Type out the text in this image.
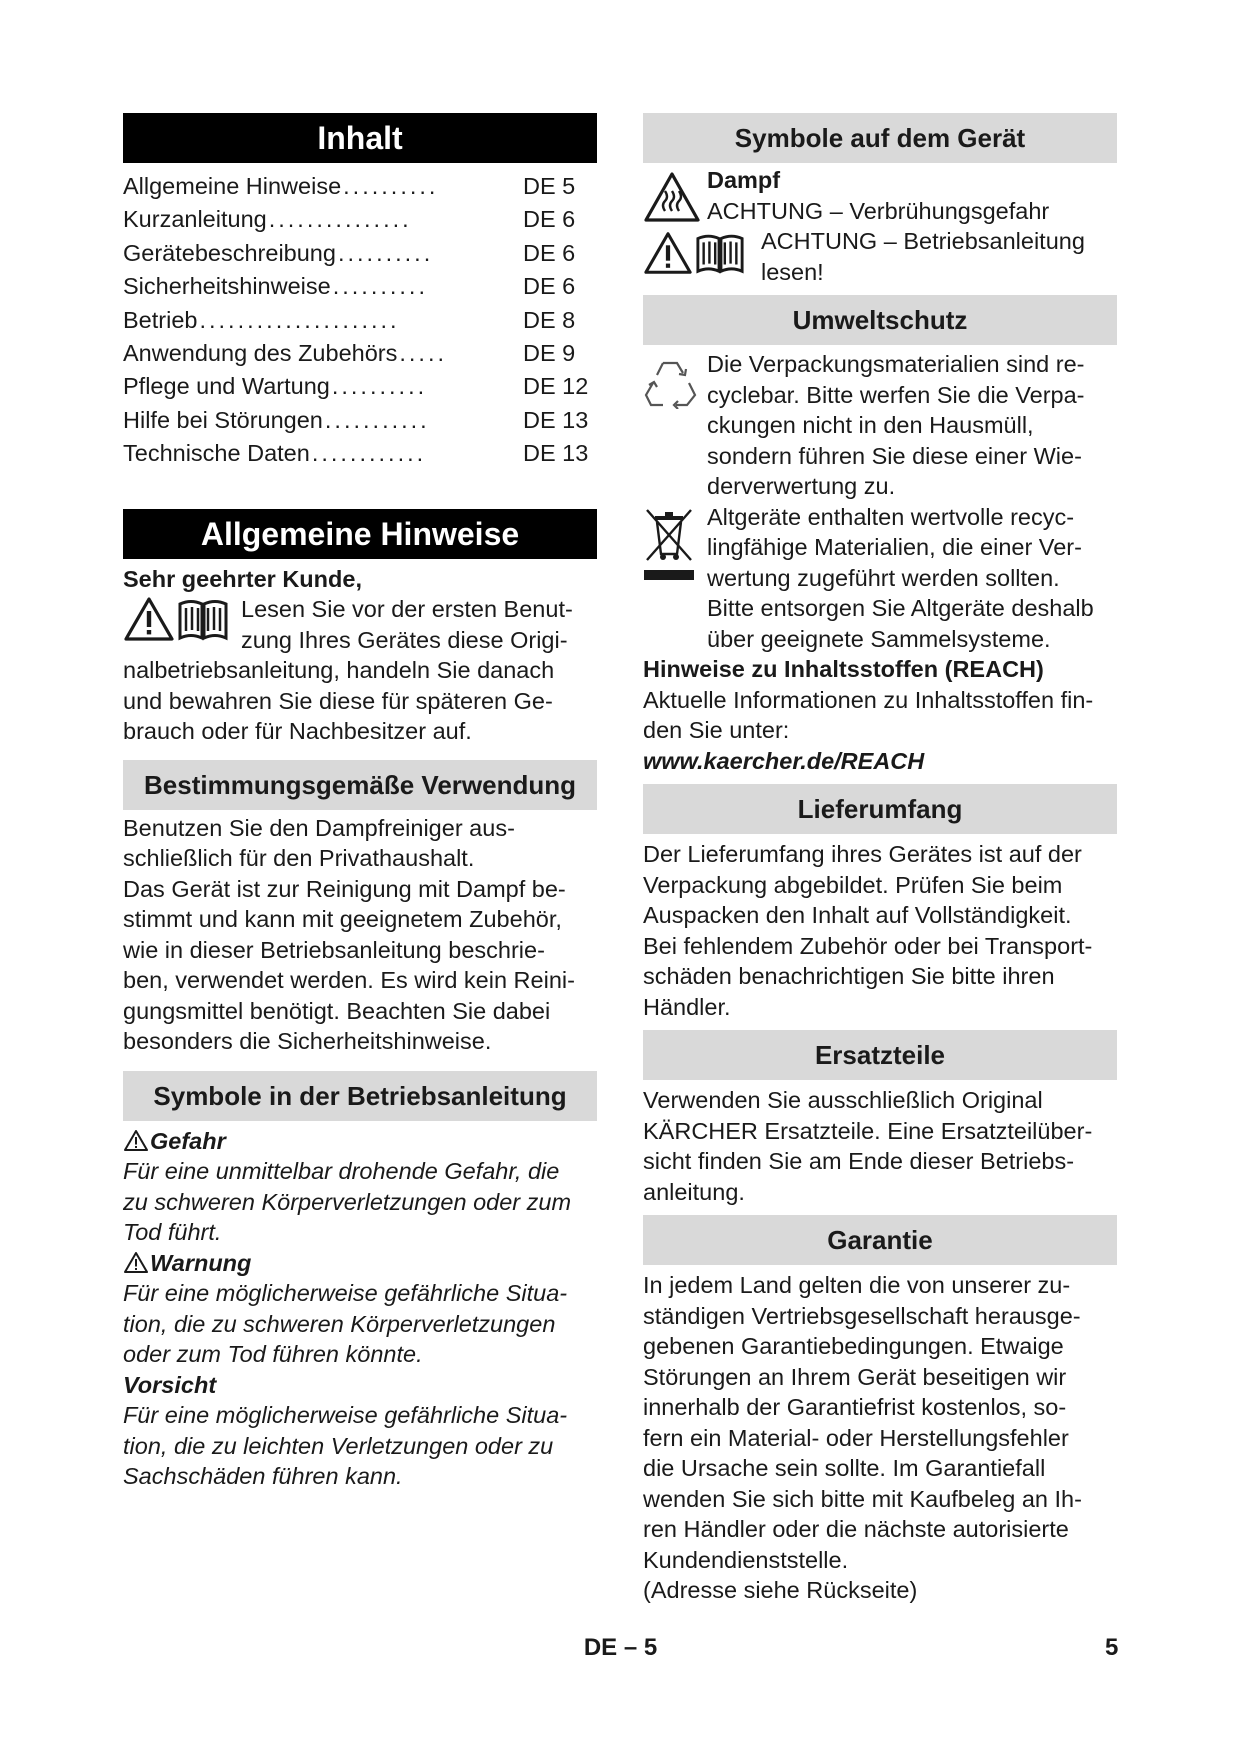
Inhalt
Allgemeine Hinweise ..........	DE 5
Kurzanleitung ...............	DE 6
Gerätebeschreibung ..........	DE 6
Sicherheitshinweise ..........	DE 6
Betrieb .....................	DE 8
Anwendung des Zubehörs .....	DE 9
Pflege und Wartung ..........	DE 12
Hilfe bei Störungen ...........	DE 13
Technische Daten ............	DE 13
Allgemeine Hinweise

Sehr geehrter Kunde,

Lesen Sie vor der ersten Benut-

zung Ihres Gerätes diese Origi-

nalbetriebsanleitung, handeln Sie danach

und bewahren Sie diese für späteren Ge-

brauch oder für Nachbesitzer auf.

Bestimmungsgemäße Verwendung

Benutzen Sie den Dampfreiniger aus-

schließlich für den Privathaushalt.

Das Gerät ist zur Reinigung mit Dampf be-

stimmt und kann mit geeignetem Zubehör,

wie in dieser Betriebsanleitung beschrie-

ben, verwendet werden. Es wird kein Reini-

gungsmittel benötigt. Beachten Sie dabei

besonders die Sicherheitshinweise.

Symbole in der Betriebsanleitung

Gefahr

Für eine unmittelbar drohende Gefahr, die

zu schweren Körperverletzungen oder zum

Tod führt.

Warnung

Für eine möglicherweise gefährliche Situa-

tion, die zu schweren Körperverletzungen

oder zum Tod führen könnte.

Vorsicht

Für eine möglicherweise gefährliche Situa-

tion, die zu leichten Verletzungen oder zu

Sachschäden führen kann.

Symbole auf dem Gerät

Dampf

ACHTUNG – Verbrühungsgefahr

ACHTUNG – Betriebsanleitung

lesen!

Umweltschutz

Die Verpackungsmaterialien sind re-

cyclebar. Bitte werfen Sie die Verpa-

ckungen nicht in den Hausmüll,

sondern führen Sie diese einer Wie-

derverwertung zu.

Altgeräte enthalten wertvolle recyc-

lingfähige Materialien, die einer Ver-

wertung zugeführt werden sollten.

Bitte entsorgen Sie Altgeräte deshalb

über geeignete Sammelsysteme.

Hinweise zu Inhaltsstoffen (REACH)

Aktuelle Informationen zu Inhaltsstoffen fin-

den Sie unter:

www.kaercher.de/REACH

Lieferumfang

Der Lieferumfang ihres Gerätes ist auf der

Verpackung abgebildet. Prüfen Sie beim

Auspacken den Inhalt auf Vollständigkeit.

Bei fehlendem Zubehör oder bei Transport-

schäden benachrichtigen Sie bitte ihren

Händler.

Ersatzteile

Verwenden Sie ausschließlich Original

KÄRCHER Ersatzteile. Eine Ersatzteilüber-

sicht finden Sie am Ende dieser Betriebs-

anleitung.

Garantie

In jedem Land gelten die von unserer zu-

ständigen Vertriebsgesellschaft herausge-

gebenen Garantiebedingungen. Etwaige

Störungen an Ihrem Gerät beseitigen wir

innerhalb der Garantiefrist kostenlos, so-

fern ein Material- oder Herstellungsfehler

die Ursache sein sollte. Im Garantiefall

wenden Sie sich bitte mit Kaufbeleg an Ih-

ren Händler oder die nächste autorisierte

Kundendienststelle.

(Adresse siehe Rückseite)

DE – 5	5
